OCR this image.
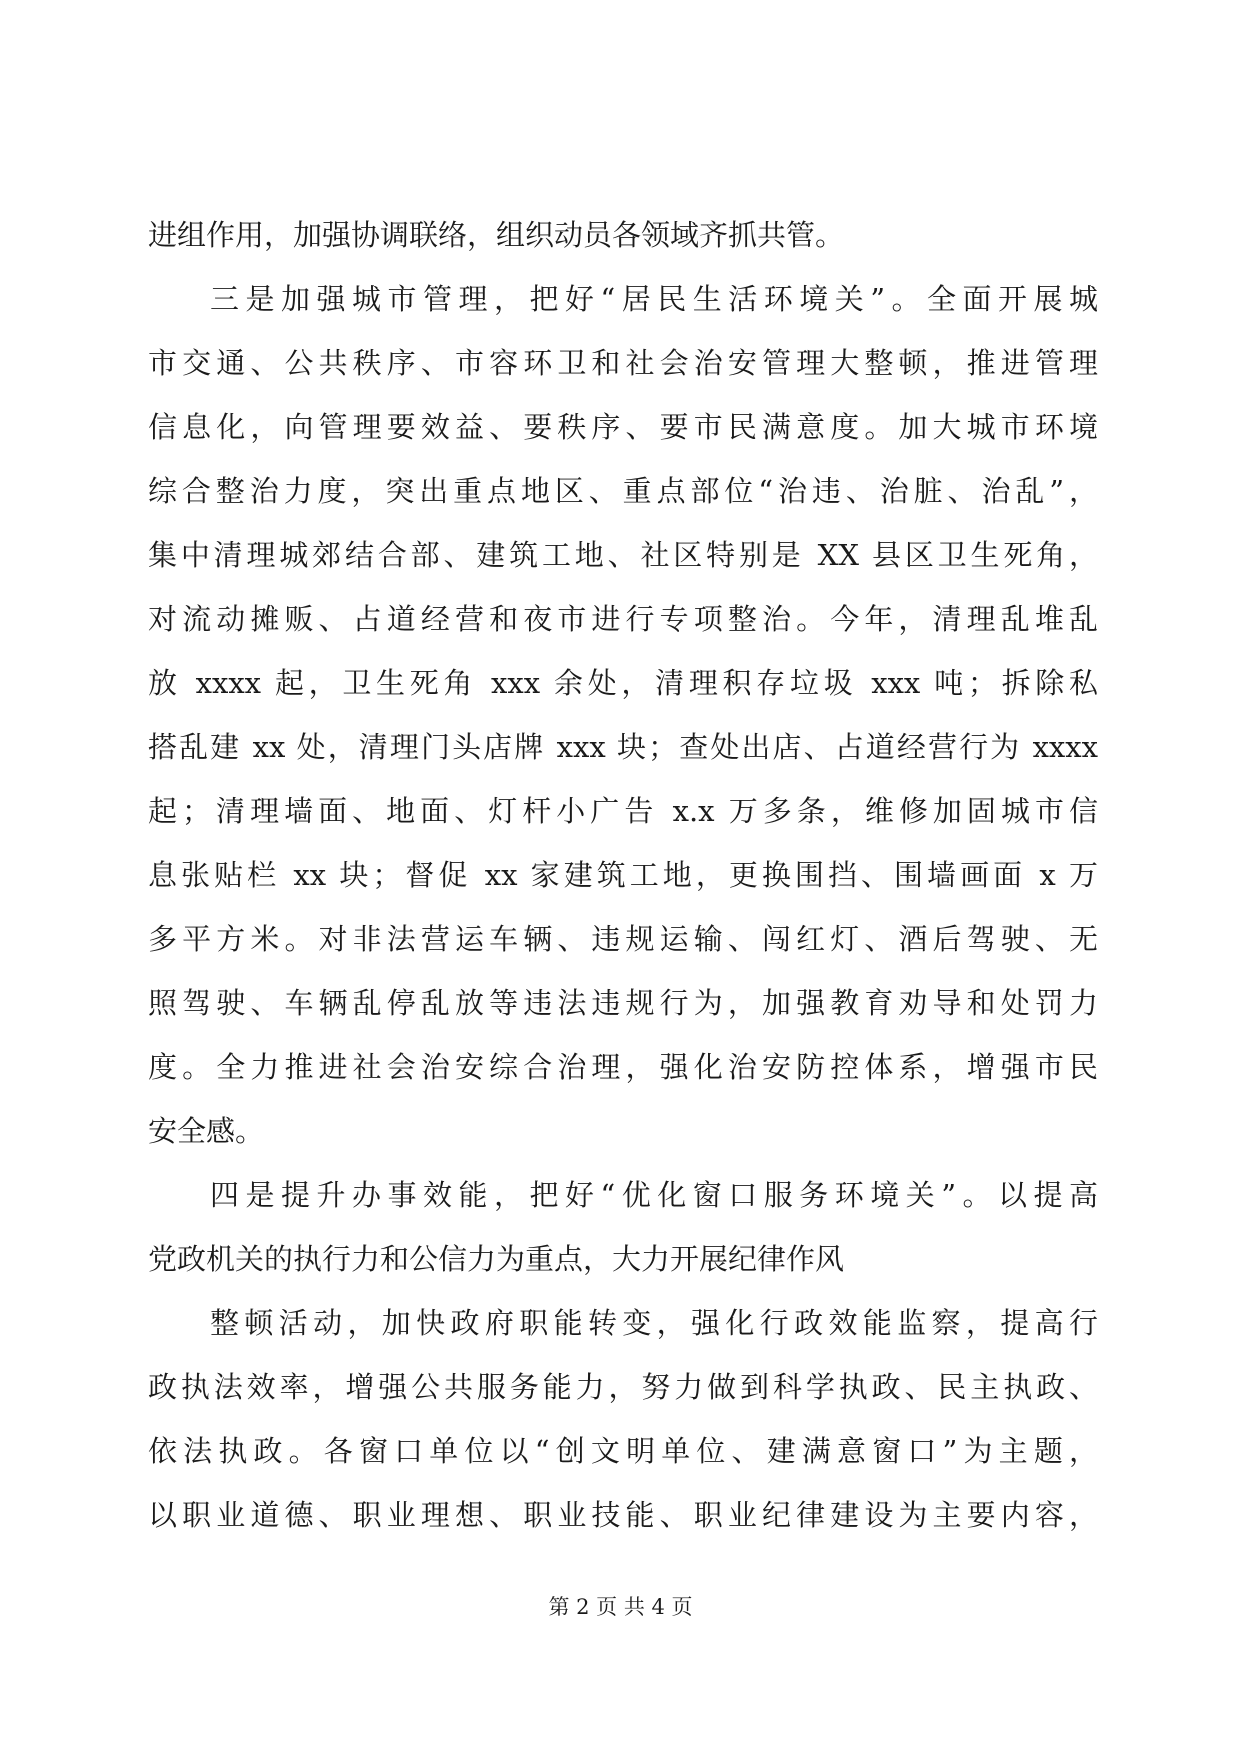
进组作用，加强协调联络，组织动员各领域齐抓共管。
三是加强城市管理，把好“居民生活环境关”。全面开展城
市交通、公共秩序、市容环卫和社会治安管理大整顿，推进管理
信息化，向管理要效益、要秩序、要市民满意度。加大城市环境
综合整治力度，突出重点地区、重点部位“治违、治脏、治乱”，
集中清理城郊结合部、建筑工地、社区特别是 XX 县区卫生死角，
对流动摊贩、占道经营和夜市进行专项整治。今年，清理乱堆乱
放 xxxx 起，卫生死角 xxx 余处，清理积存垃圾 xxx 吨；拆除私
搭乱建 xx 处，清理门头店牌 xxx 块；查处出店、占道经营行为 xxxx
起；清理墙面、地面、灯杆小广告 x.x 万多条，维修加固城市信
息张贴栏 xx 块；督促 xx 家建筑工地，更换围挡、围墙画面 x 万
多平方米。对非法营运车辆、违规运输、闯红灯、酒后驾驶、无
照驾驶、车辆乱停乱放等违法违规行为，加强教育劝导和处罚力
度。全力推进社会治安综合治理，强化治安防控体系，增强市民
安全感。
四是提升办事效能，把好“优化窗口服务环境关”。以提高
党政机关的执行力和公信力为重点，大力开展纪律作风
整顿活动，加快政府职能转变，强化行政效能监察，提高行
政执法效率，增强公共服务能力，努力做到科学执政、民主执政、
依法执政。各窗口单位以“创文明单位、建满意窗口”为主题，
以职业道德、职业理想、职业技能、职业纪律建设为主要内容，
第 2 页 共 4 页
